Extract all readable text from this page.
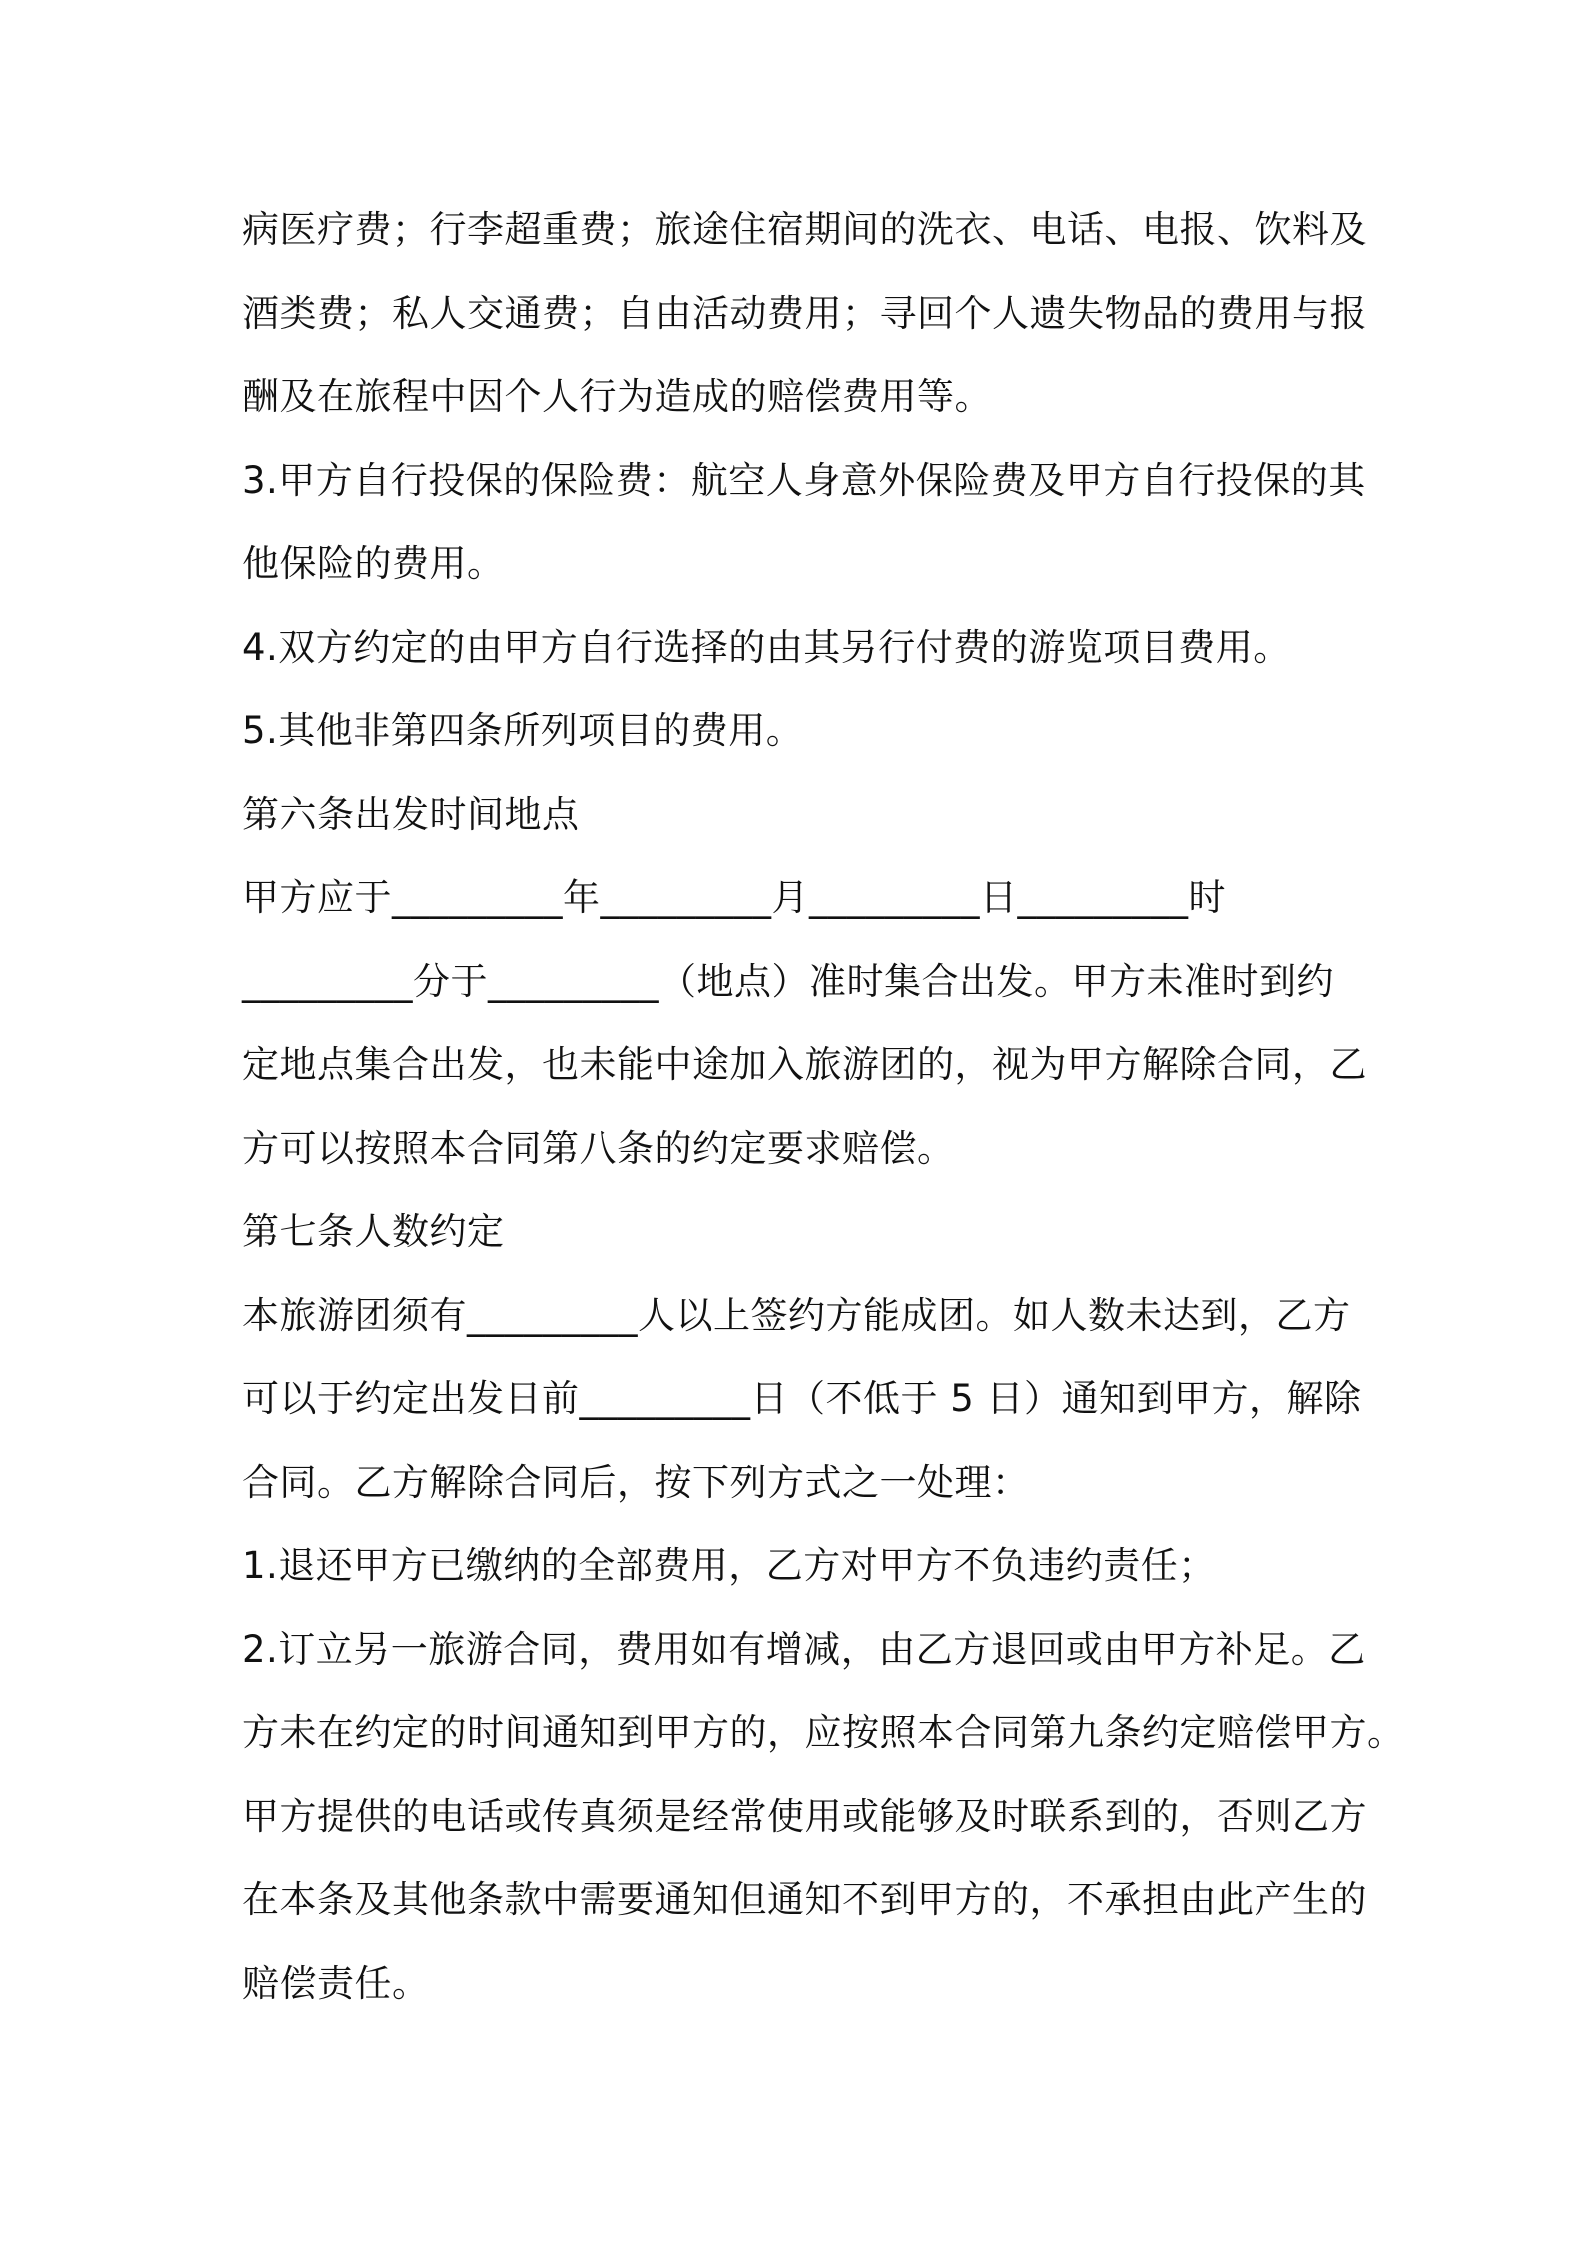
病医疗费；行李超重费；旅途住宿期间的洗衣、电话、电报、饮料及
酒类费；私人交通费；自由活动费用；寻回个人遗失物品的费用与报
酬及在旅程中因个人行为造成的赔偿费用等。
3.甲方自行投保的保险费：航空人身意外保险费及甲方自行投保的其
他保险的费用。
4.双方约定的由甲方自行选择的由其另行付费的游览项目费用。
5.其他非第四条所列项目的费用。
第六条出发时间地点
甲方应于_________年_________月_________日_________时
_________分于_________（地点）准时集合出发。甲方未准时到约
定地点集合出发，也未能中途加入旅游团的，视为甲方解除合同，乙
方可以按照本合同第八条的约定要求赔偿。
第七条人数约定
本旅游团须有_________人以上签约方能成团。如人数未达到，乙方
可以于约定出发日前_________日（不低于 5 日）通知到甲方，解除
合同。乙方解除合同后，按下列方式之一处理：
1.退还甲方已缴纳的全部费用，乙方对甲方不负违约责任；
2.订立另一旅游合同，费用如有增减，由乙方退回或由甲方补足。乙
方未在约定的时间通知到甲方的，应按照本合同第九条约定赔偿甲方。
甲方提供的电话或传真须是经常使用或能够及时联系到的，否则乙方
在本条及其他条款中需要通知但通知不到甲方的，不承担由此产生的
赔偿责任。
